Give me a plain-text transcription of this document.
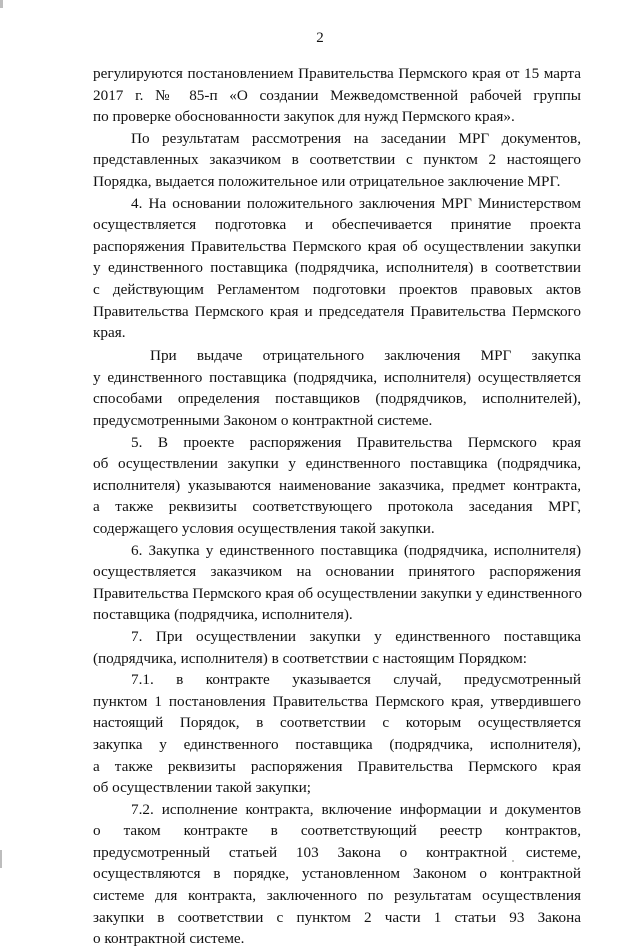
2
регулируются постановлением Правительства Пермского края от 15 марта
2017 г. № 85-п «О создании Межведомственной рабочей группы
по проверке обоснованности закупок для нужд Пермского края».
По результатам рассмотрения на заседании МРГ документов,
представленных заказчиком в соответствии с пунктом 2 настоящего
Порядка, выдается положительное или отрицательное заключение МРГ.
4. На основании положительного заключения МРГ Министерством
осуществляется подготовка и обеспечивается принятие проекта
распоряжения Правительства Пермского края об осуществлении закупки
у единственного поставщика (подрядчика, исполнителя) в соответствии
с действующим Регламентом подготовки проектов правовых актов
Правительства Пермского края и председателя Правительства Пермского
края.
При выдаче отрицательного заключения МРГ закупка
у единственного поставщика (подрядчика, исполнителя) осуществляется
способами определения поставщиков (подрядчиков, исполнителей),
предусмотренными Законом о контрактной системе.
5. В проекте распоряжения Правительства Пермского края
об осуществлении закупки у единственного поставщика (подрядчика,
исполнителя) указываются наименование заказчика, предмет контракта,
а также реквизиты соответствующего протокола заседания МРГ,
содержащего условия осуществления такой закупки.
6. Закупка у единственного поставщика (подрядчика, исполнителя)
осуществляется заказчиком на основании принятого распоряжения
Правительства Пермского края об осуществлении закупки у единственного
поставщика (подрядчика, исполнителя).
7. При осуществлении закупки у единственного поставщика
(подрядчика, исполнителя) в соответствии с настоящим Порядком:
7.1. в контракте указывается случай, предусмотренный
пунктом 1 постановления Правительства Пермского края, утвердившего
настоящий Порядок, в соответствии с которым осуществляется
закупка у единственного поставщика (подрядчика, исполнителя),
а также реквизиты распоряжения Правительства Пермского края
об осуществлении такой закупки;
7.2. исполнение контракта, включение информации и документов
о таком контракте в соответствующий реестр контрактов,
предусмотренный статьей 103 Закона о контрактной системе,
осуществляются в порядке, установленном Законом о контрактной
системе для контракта, заключенного по результатам осуществления
закупки в соответствии с пунктом 2 части 1 статьи 93 Закона
о контрактной системе.
